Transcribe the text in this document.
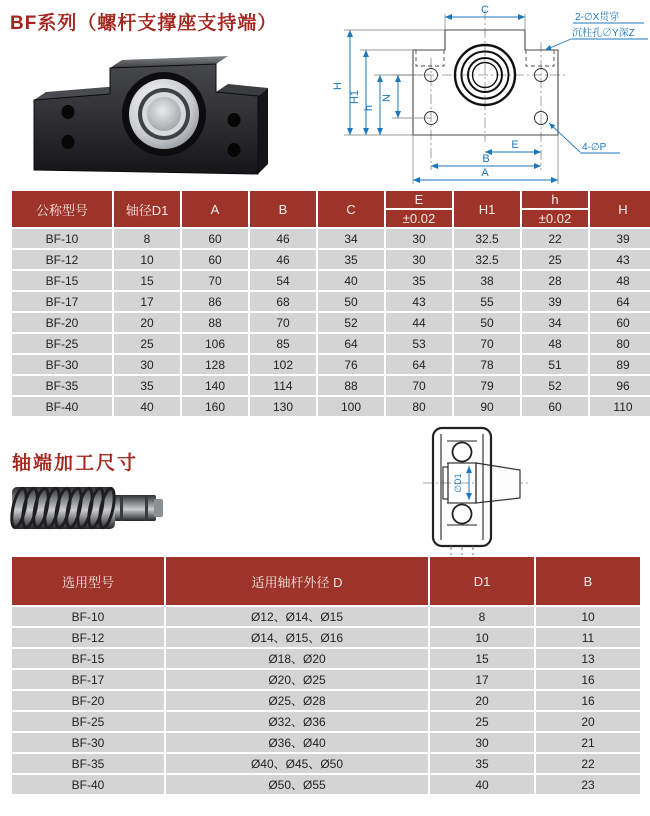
BF系列（螺杆支撑座支持端）
C
H
H1
h
N
E
B
A
2-∅X贯穿
沉柱孔∅Y深Z
4-∅P
公称型号	轴径D1	A	B	C	E	H1	h	H
					±0.02		±0.02	
BF-10	8	60	46	34	30	32.5	22	39
BF-12	10	60	46	35	30	32.5	25	43
BF-15	15	70	54	40	35	38	28	48
BF-17	17	86	68	50	43	55	39	64
BF-20	20	88	70	52	44	50	34	60
BF-25	25	106	85	64	53	70	48	80
BF-30	30	128	102	76	64	78	51	89
BF-35	35	140	114	88	70	79	52	96
BF-40	40	160	130	100	80	90	60	110
轴端加工尺寸
∅D1
选用型号	适用轴杆外径 D	D1	B
BF-10	Ø12、Ø14、Ø15	8	10
BF-12	Ø14、Ø15、Ø16	10	11
BF-15	Ø18、Ø20	15	13
BF-17	Ø20、Ø25	17	16
BF-20	Ø25、Ø28	20	16
BF-25	Ø32、Ø36	25	20
BF-30	Ø36、Ø40	30	21
BF-35	Ø40、Ø45、Ø50	35	22
BF-40	Ø50、Ø55	40	23
